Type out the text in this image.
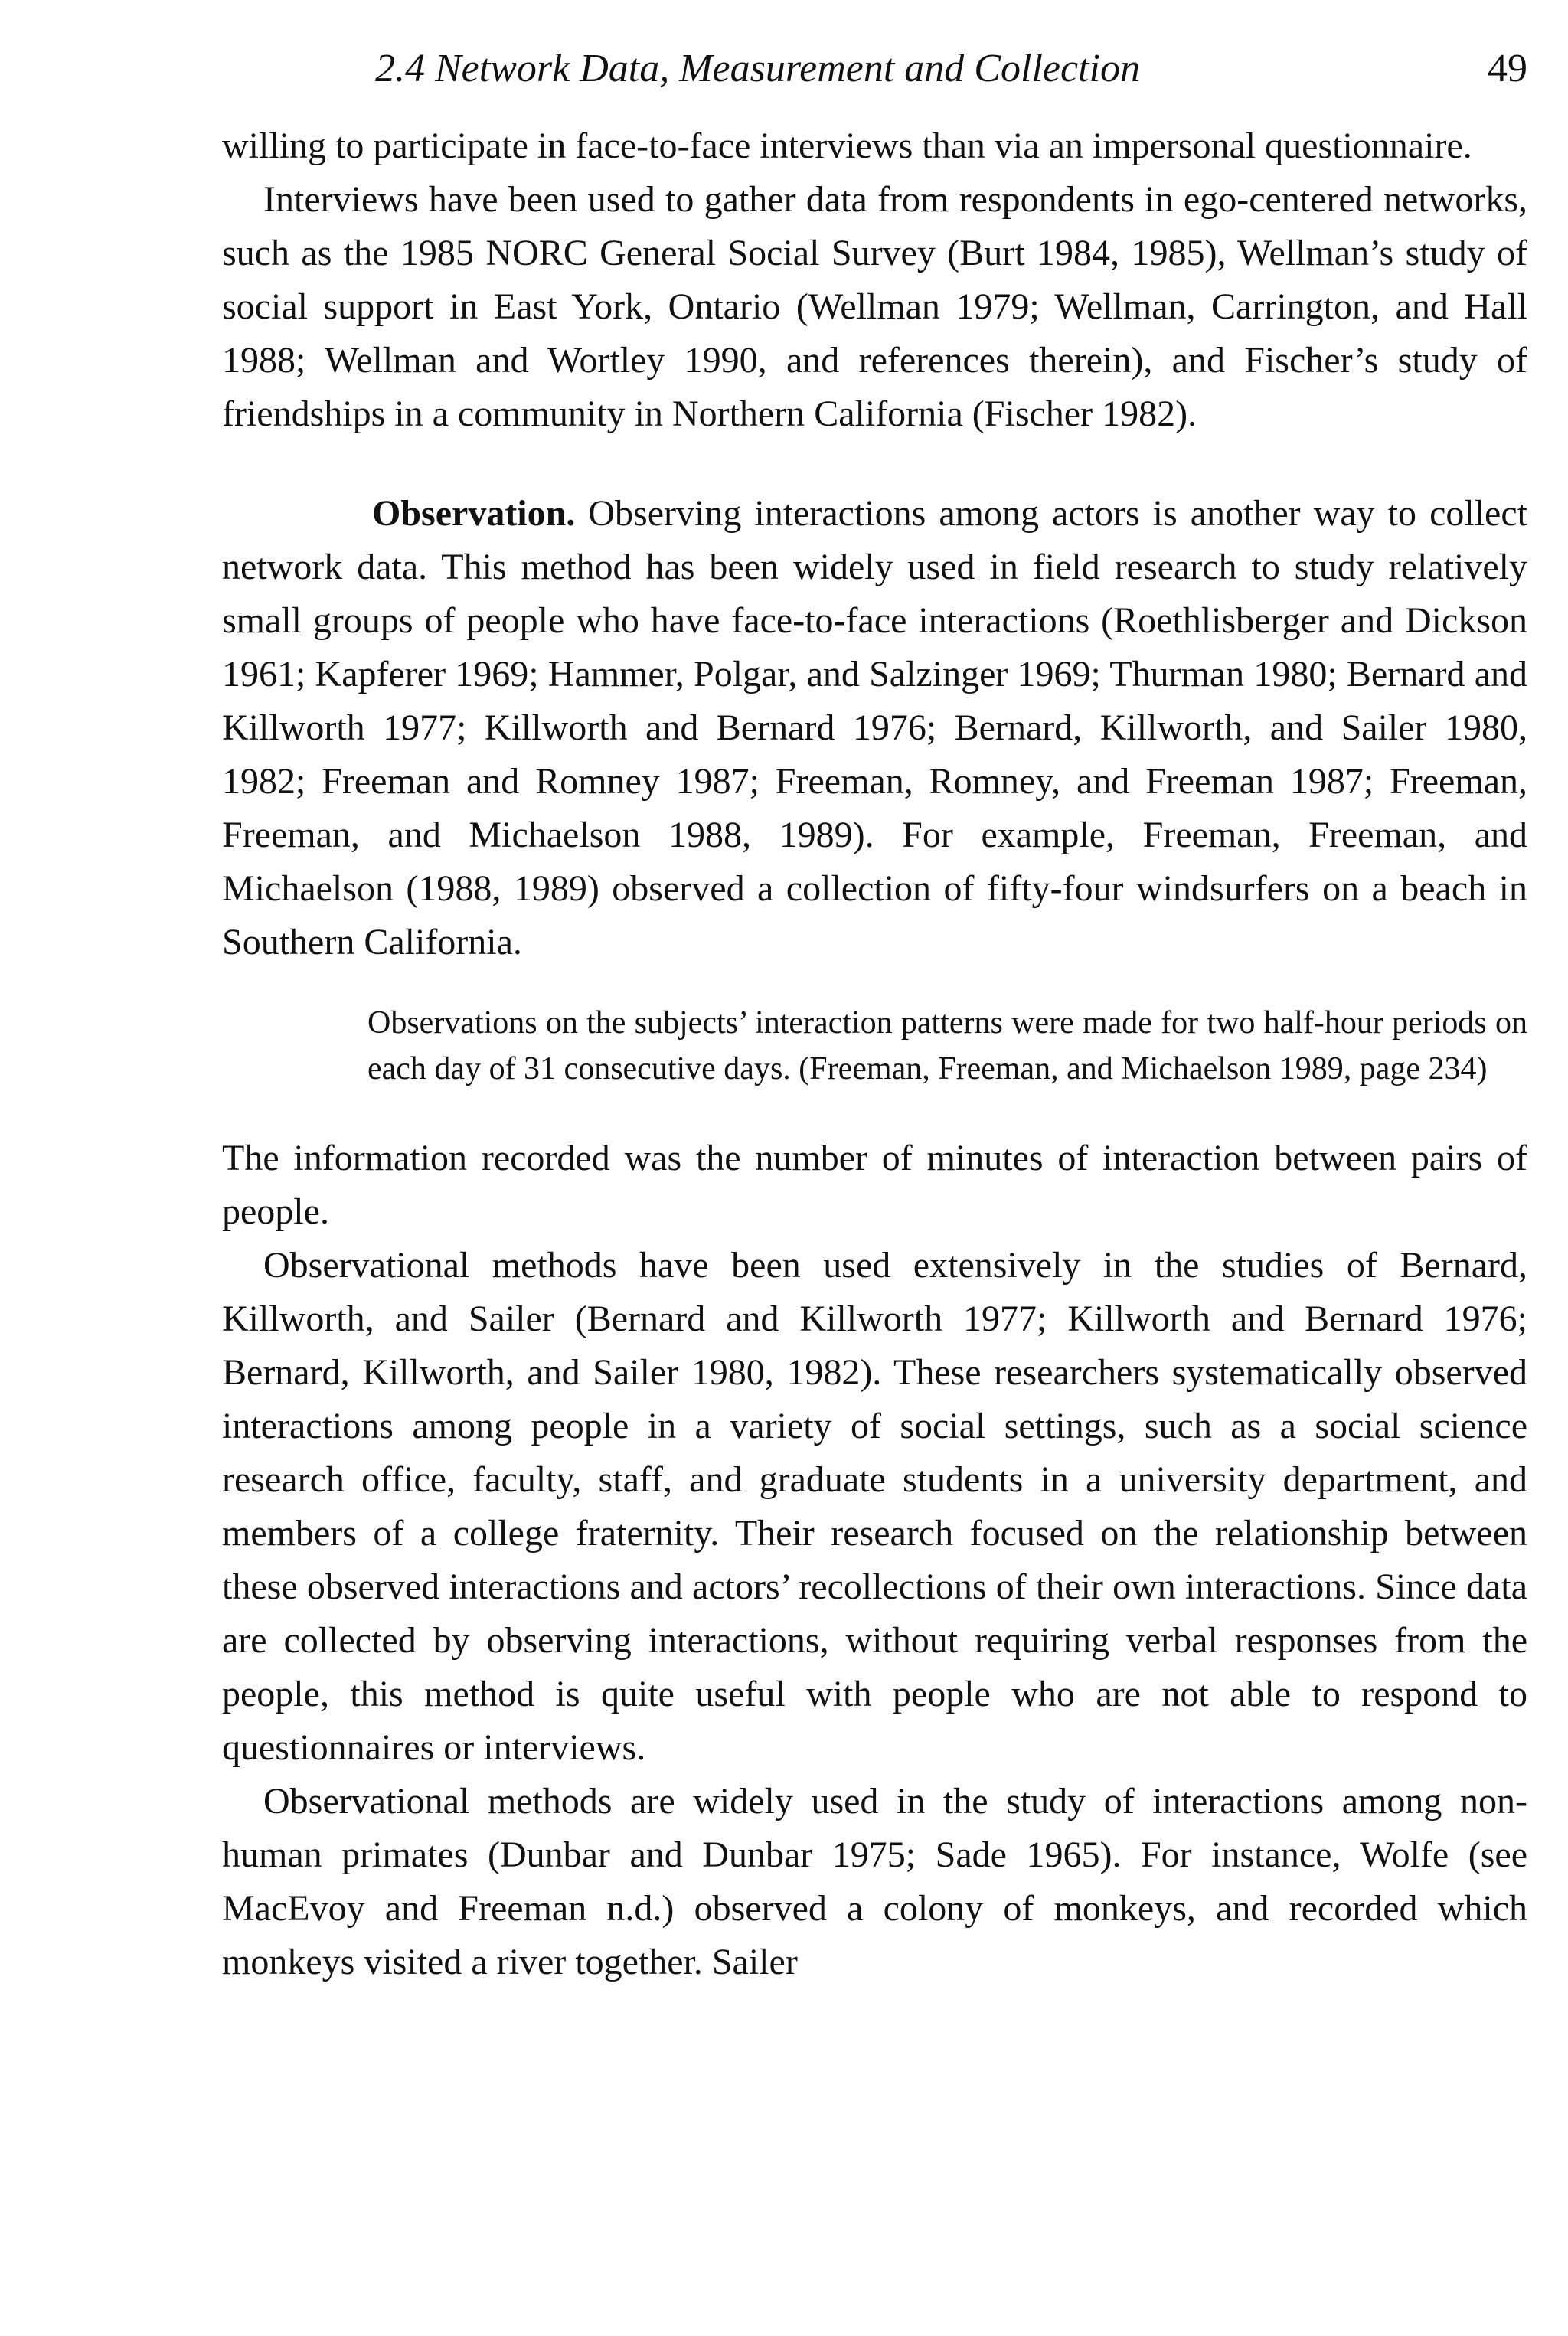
2.4 Network Data, Measurement and Collection	49

willing to participate in face-to-face interviews than via an impersonal questionnaire.

Interviews have been used to gather data from respondents in ego-centered networks, such as the 1985 NORC General Social Survey (Burt 1984, 1985), Wellman’s study of social support in East York, Ontario (Wellman 1979; Wellman, Carrington, and Hall 1988; Wellman and Wortley 1990, and references therein), and Fischer’s study of friendships in a community in Northern California (Fischer 1982).

Observation. Observing interactions among actors is another way to collect network data. This method has been widely used in field research to study relatively small groups of people who have face-to-face interactions (Roethlisberger and Dickson 1961; Kapferer 1969; Hammer, Polgar, and Salzinger 1969; Thurman 1980; Bernard and Killworth 1977; Killworth and Bernard 1976; Bernard, Killworth, and Sailer 1980, 1982; Freeman and Romney 1987; Freeman, Romney, and Freeman 1987; Freeman, Freeman, and Michaelson 1988, 1989). For example, Freeman, Freeman, and Michaelson (1988, 1989) observed a collection of fifty-four windsurfers on a beach in Southern California.

Observations on the subjects’ interaction patterns were made for two half-hour periods on each day of 31 consecutive days. (Freeman, Freeman, and Michaelson 1989, page 234)

The information recorded was the number of minutes of interaction between pairs of people.

Observational methods have been used extensively in the studies of Bernard, Killworth, and Sailer (Bernard and Killworth 1977; Killworth and Bernard 1976; Bernard, Killworth, and Sailer 1980, 1982). These researchers systematically observed interactions among people in a variety of social settings, such as a social science research office, faculty, staff, and graduate students in a university department, and members of a college fraternity. Their research focused on the relationship between these observed interactions and actors’ recollections of their own interactions. Since data are collected by observing interactions, without requiring verbal responses from the people, this method is quite useful with people who are not able to respond to questionnaires or interviews.

Observational methods are widely used in the study of interactions among non-human primates (Dunbar and Dunbar 1975; Sade 1965). For instance, Wolfe (see MacEvoy and Freeman n.d.) observed a colony of monkeys, and recorded which monkeys visited a river together. Sailer
